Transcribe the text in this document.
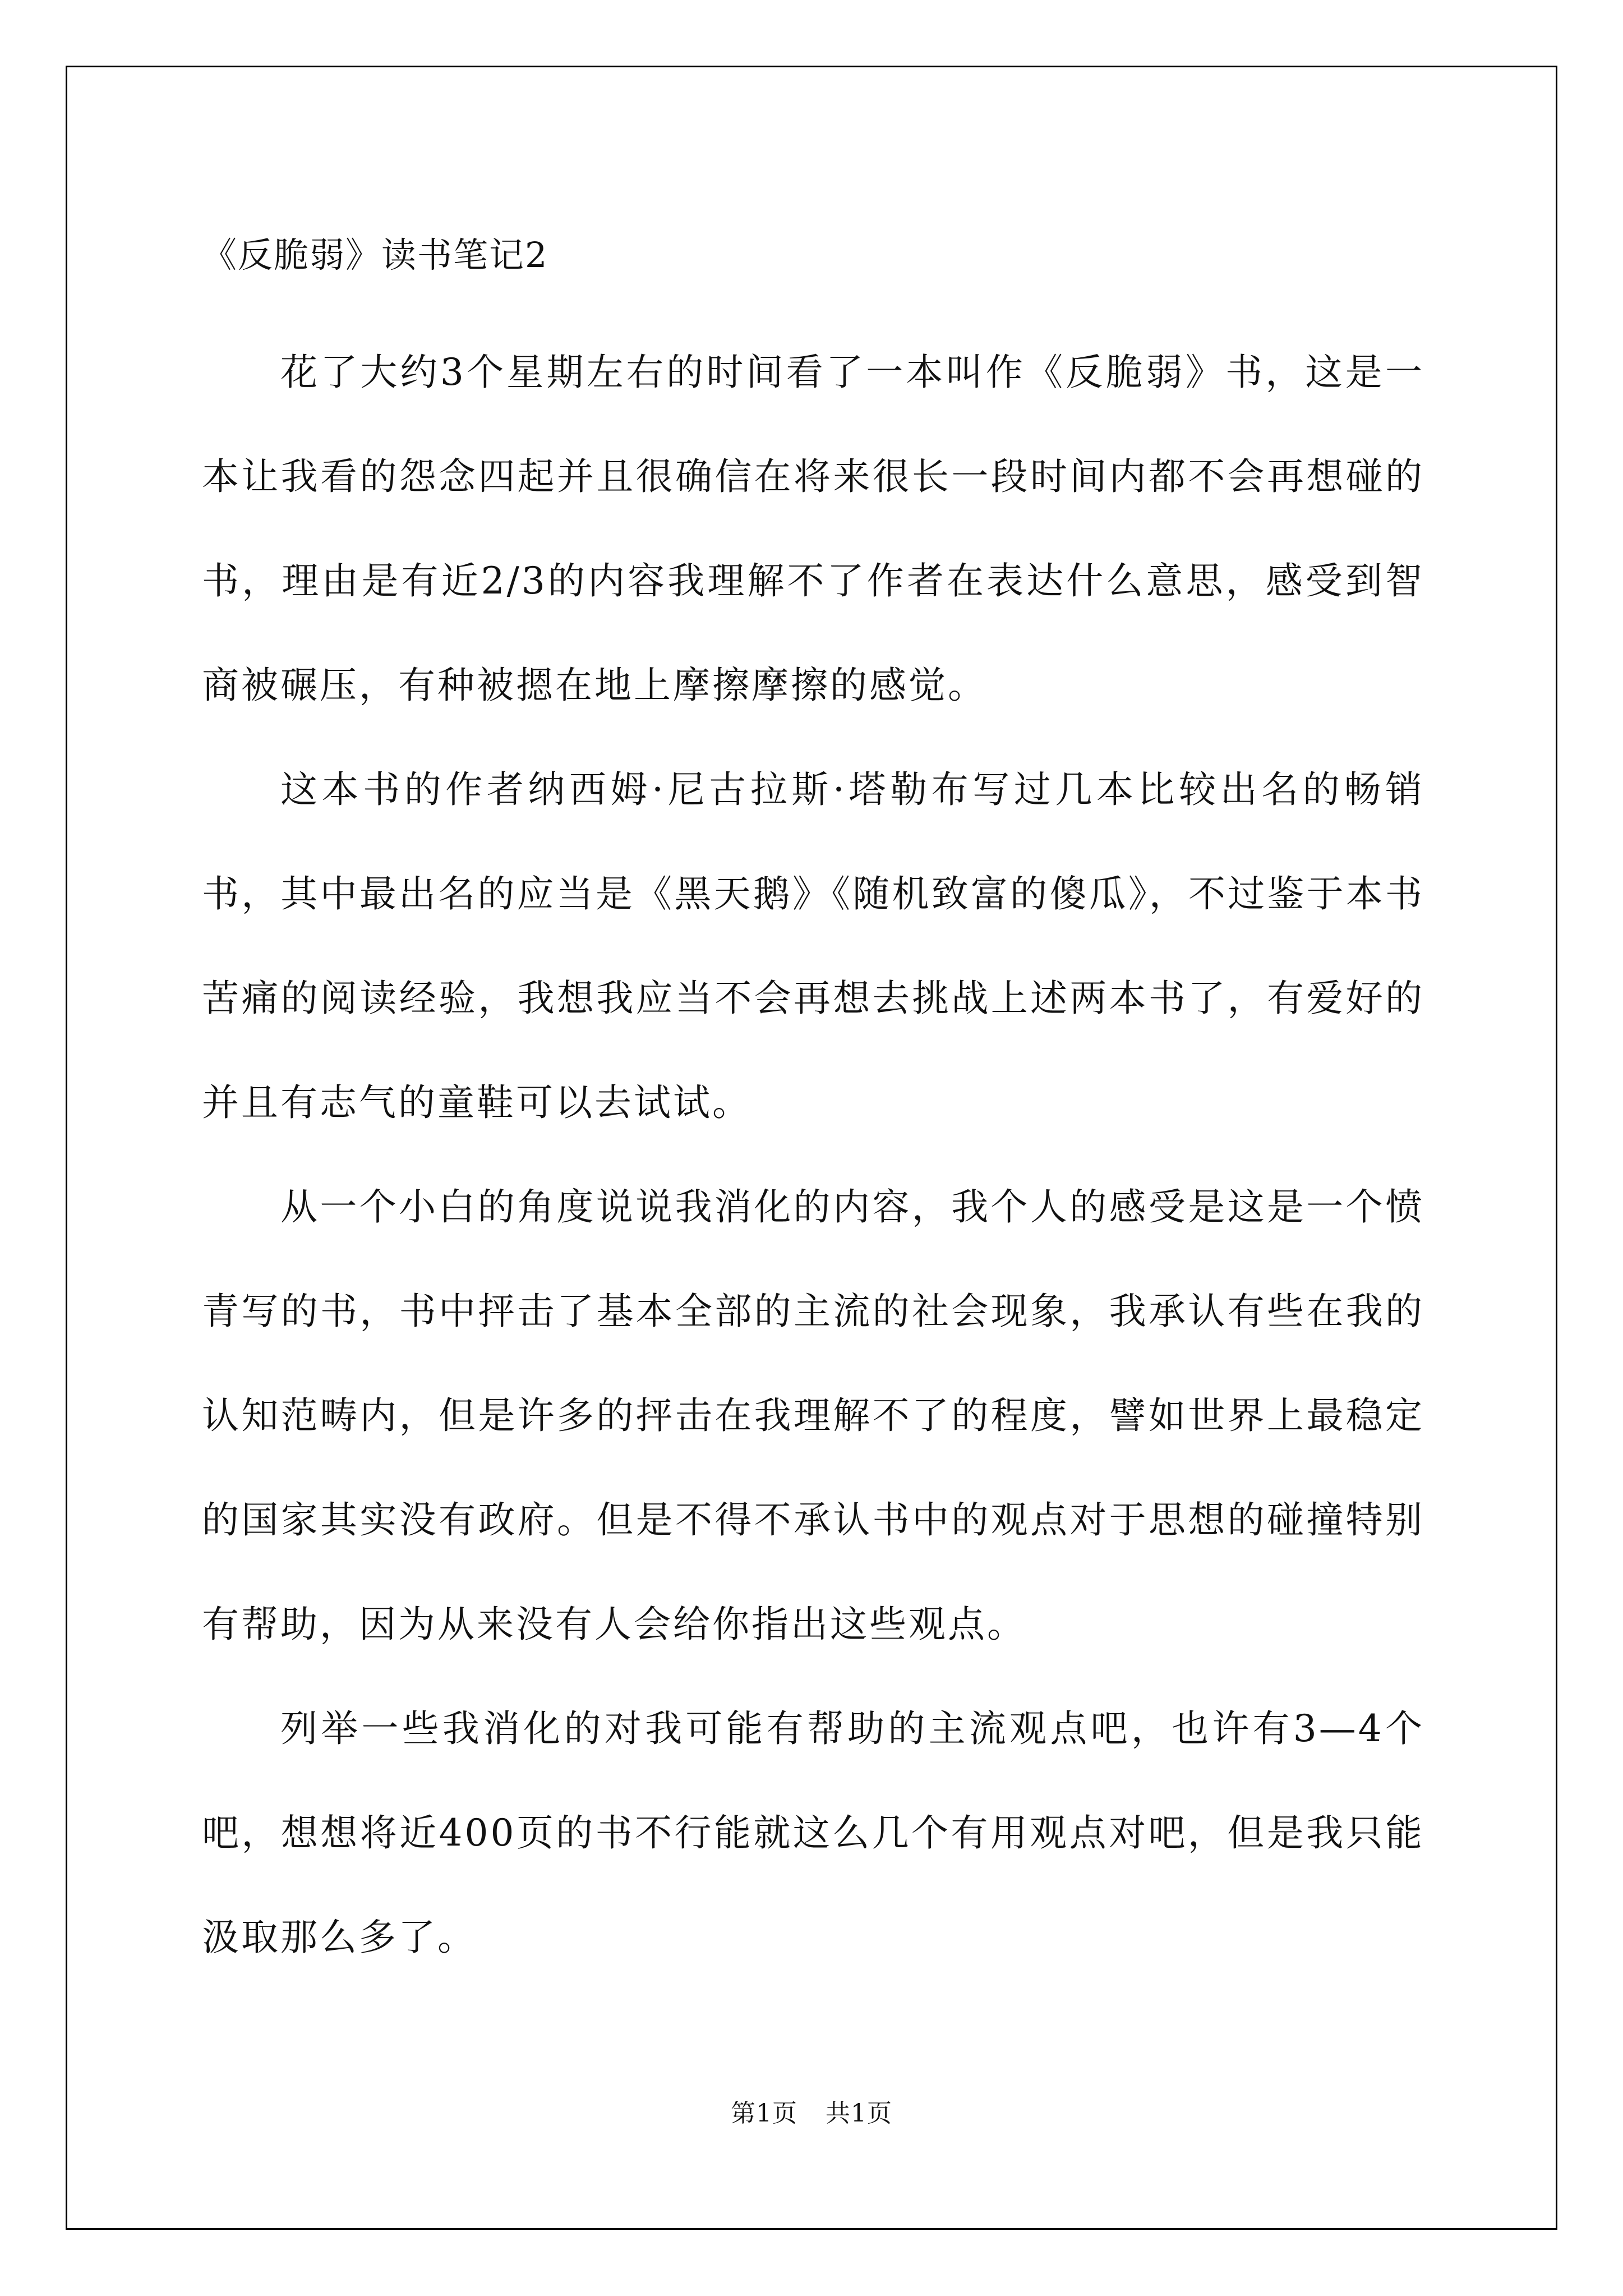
《反脆弱》读书笔记2

花了大约3个星期左右的时间看了一本叫作《反脆弱》书，这是一本让我看的怨念四起并且很确信在将来很长一段时间内都不会再想碰的书，理由是有近2/3的内容我理解不了作者在表达什么意思，感受到智商被碾压，有种被摁在地上摩擦摩擦的感觉。

这本书的作者纳西姆·尼古拉斯·塔勒布写过几本比较出名的畅销书，其中最出名的应当是《黑天鹅》《随机致富的傻瓜》，不过鉴于本书苦痛的阅读经验，我想我应当不会再想去挑战上述两本书了，有爱好的并且有志气的童鞋可以去试试。

从一个小白的角度说说我消化的内容，我个人的感受是这是一个愤青写的书，书中抨击了基本全部的主流的社会现象，我承认有些在我的认知范畴内，但是许多的抨击在我理解不了的程度，譬如世界上最稳定的国家其实没有政府。但是不得不承认书中的观点对于思想的碰撞特别有帮助，因为从来没有人会给你指出这些观点。

列举一些我消化的对我可能有帮助的主流观点吧，也许有3—4个吧，想想将近400页的书不行能就这么几个有用观点对吧，但是我只能汲取那么多了。

第1页 共1页
